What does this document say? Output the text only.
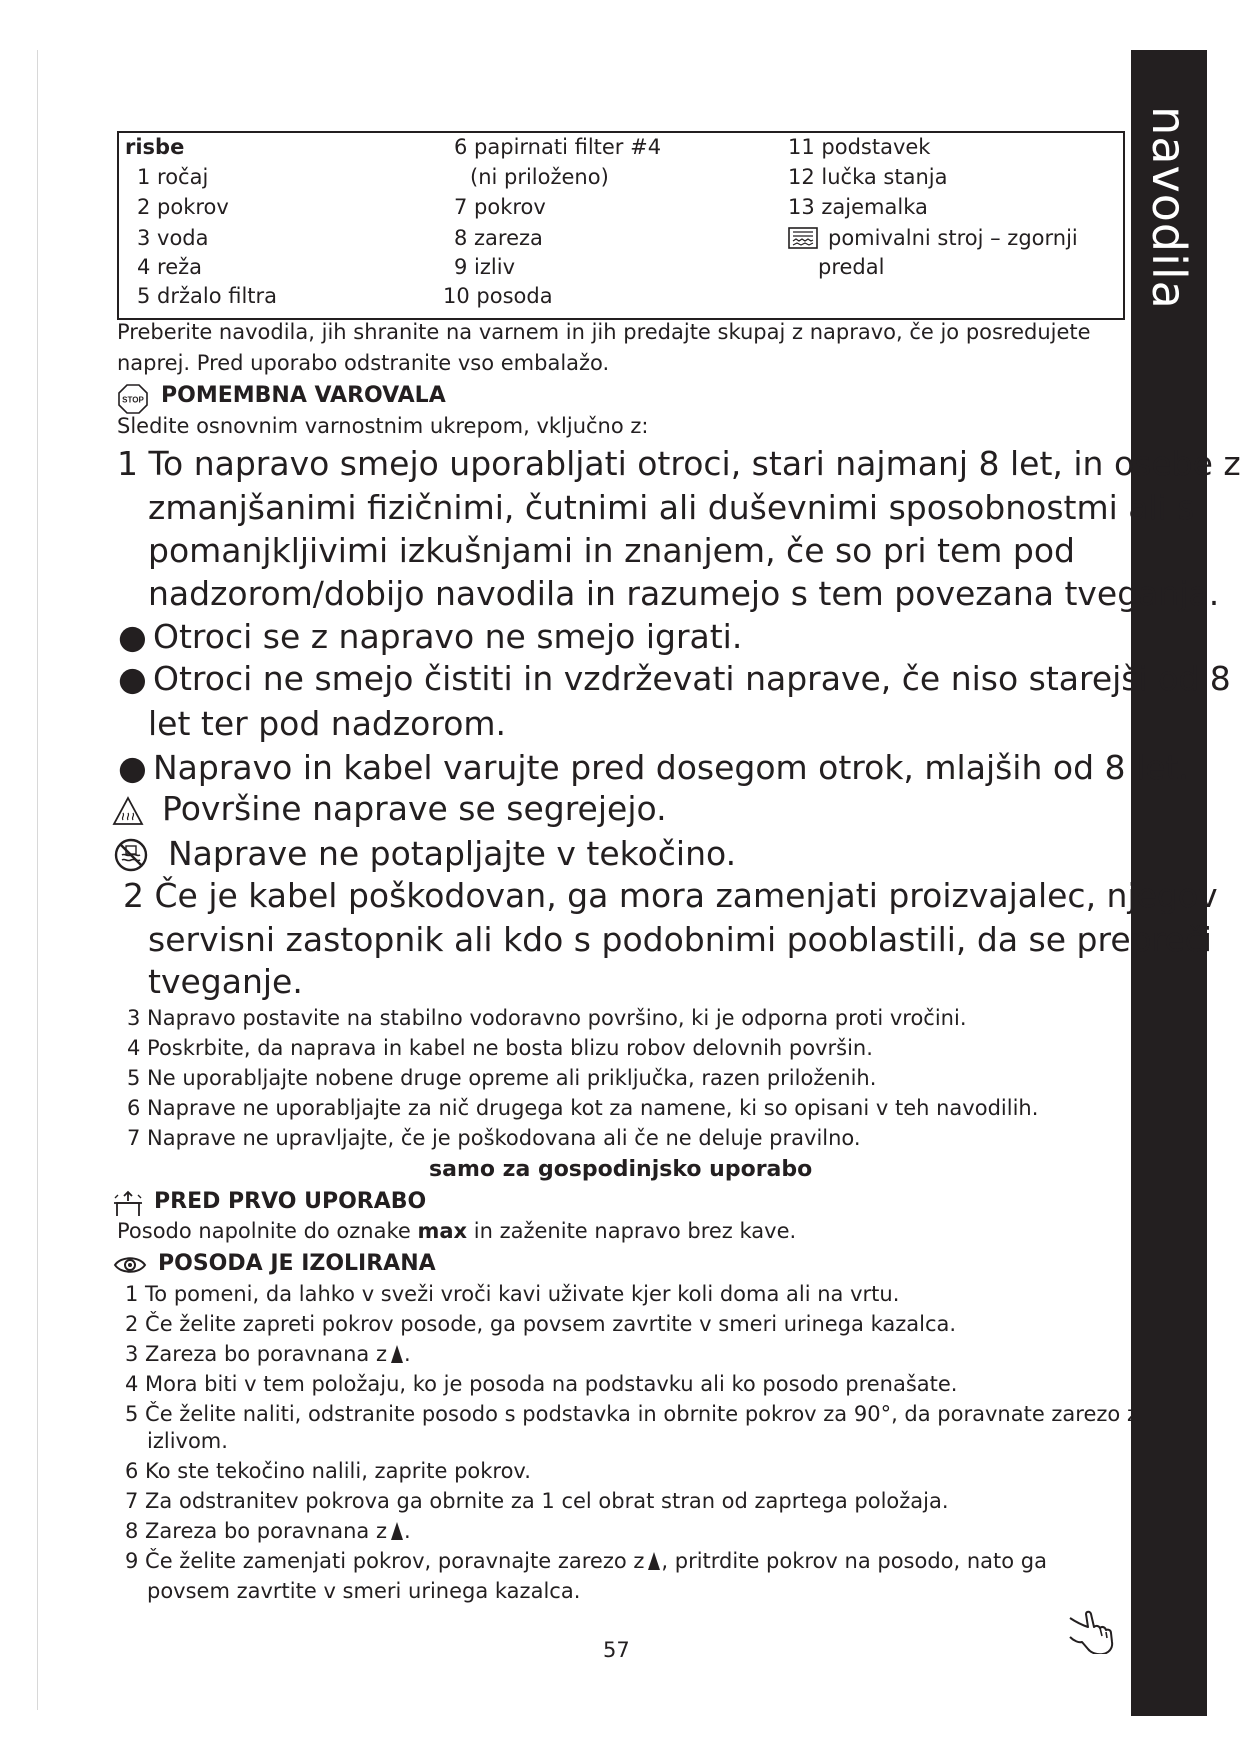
navodila
risbe
1 ročaj
2 pokrov
3 voda
4 reža
5 držalo filtra
6 papirnati filter #4
(ni priloženo)
7 pokrov
8 zareza
9 izliv
10 posoda
11 podstavek
12 lučka stanja
13 zajemalka
pomivalni stroj – zgornji
predal
Preberite navodila, jih shranite na varnem in jih predajte skupaj z napravo, če jo posredujete
naprej. Pred uporabo odstranite vso embalažo.
STOP POMEMBNA VAROVALA
Sledite osnovnim varnostnim ukrepom, vključno z:
1 To napravo smejo uporabljati otroci, stari najmanj 8 let, in osebe z
zmanjšanimi fizičnimi, čutnimi ali duševnimi sposobnostmi ali s
pomanjkljivimi izkušnjami in znanjem, če so pri tem pod
nadzorom/dobijo navodila in razumejo s tem povezana tveganja.
● Otroci se z napravo ne smejo igrati.
● Otroci ne smejo čistiti in vzdrževati naprave, če niso starejši od 8
let ter pod nadzorom.
● Napravo in kabel varujte pred dosegom otrok, mlajših od 8 let.
Površine naprave se segrejejo.
Naprave ne potapljajte v tekočino.
2 Če je kabel poškodovan, ga mora zamenjati proizvajalec, njegov
servisni zastopnik ali kdo s podobnimi pooblastili, da se prepreči
tveganje.
3 Napravo postavite na stabilno vodoravno površino, ki je odporna proti vročini.
4 Poskrbite, da naprava in kabel ne bosta blizu robov delovnih površin.
5 Ne uporabljajte nobene druge opreme ali priključka, razen priloženih.
6 Naprave ne uporabljajte za nič drugega kot za namene, ki so opisani v teh navodilih.
7 Naprave ne upravljajte, če je poškodovana ali če ne deluje pravilno.
samo za gospodinjsko uporabo
PRED PRVO UPORABO
Posodo napolnite do oznake max in zaženite napravo brez kave.
POSODA JE IZOLIRANA
1 To pomeni, da lahko v sveži vroči kavi uživate kjer koli doma ali na vrtu.
2 Če želite zapreti pokrov posode, ga povsem zavrtite v smeri urinega kazalca.
3 Zareza bo poravnana z .
4 Mora biti v tem položaju, ko je posoda na podstavku ali ko posodo prenašate.
5 Če želite naliti, odstranite posodo s podstavka in obrnite pokrov za 90°, da poravnate zarezo z
izlivom.
6 Ko ste tekočino nalili, zaprite pokrov.
7 Za odstranitev pokrova ga obrnite za 1 cel obrat stran od zaprtega položaja.
8 Zareza bo poravnana z .
9 Če želite zamenjati pokrov, poravnajte zarezo z , pritrdite pokrov na posodo, nato ga
povsem zavrtite v smeri urinega kazalca.
57
